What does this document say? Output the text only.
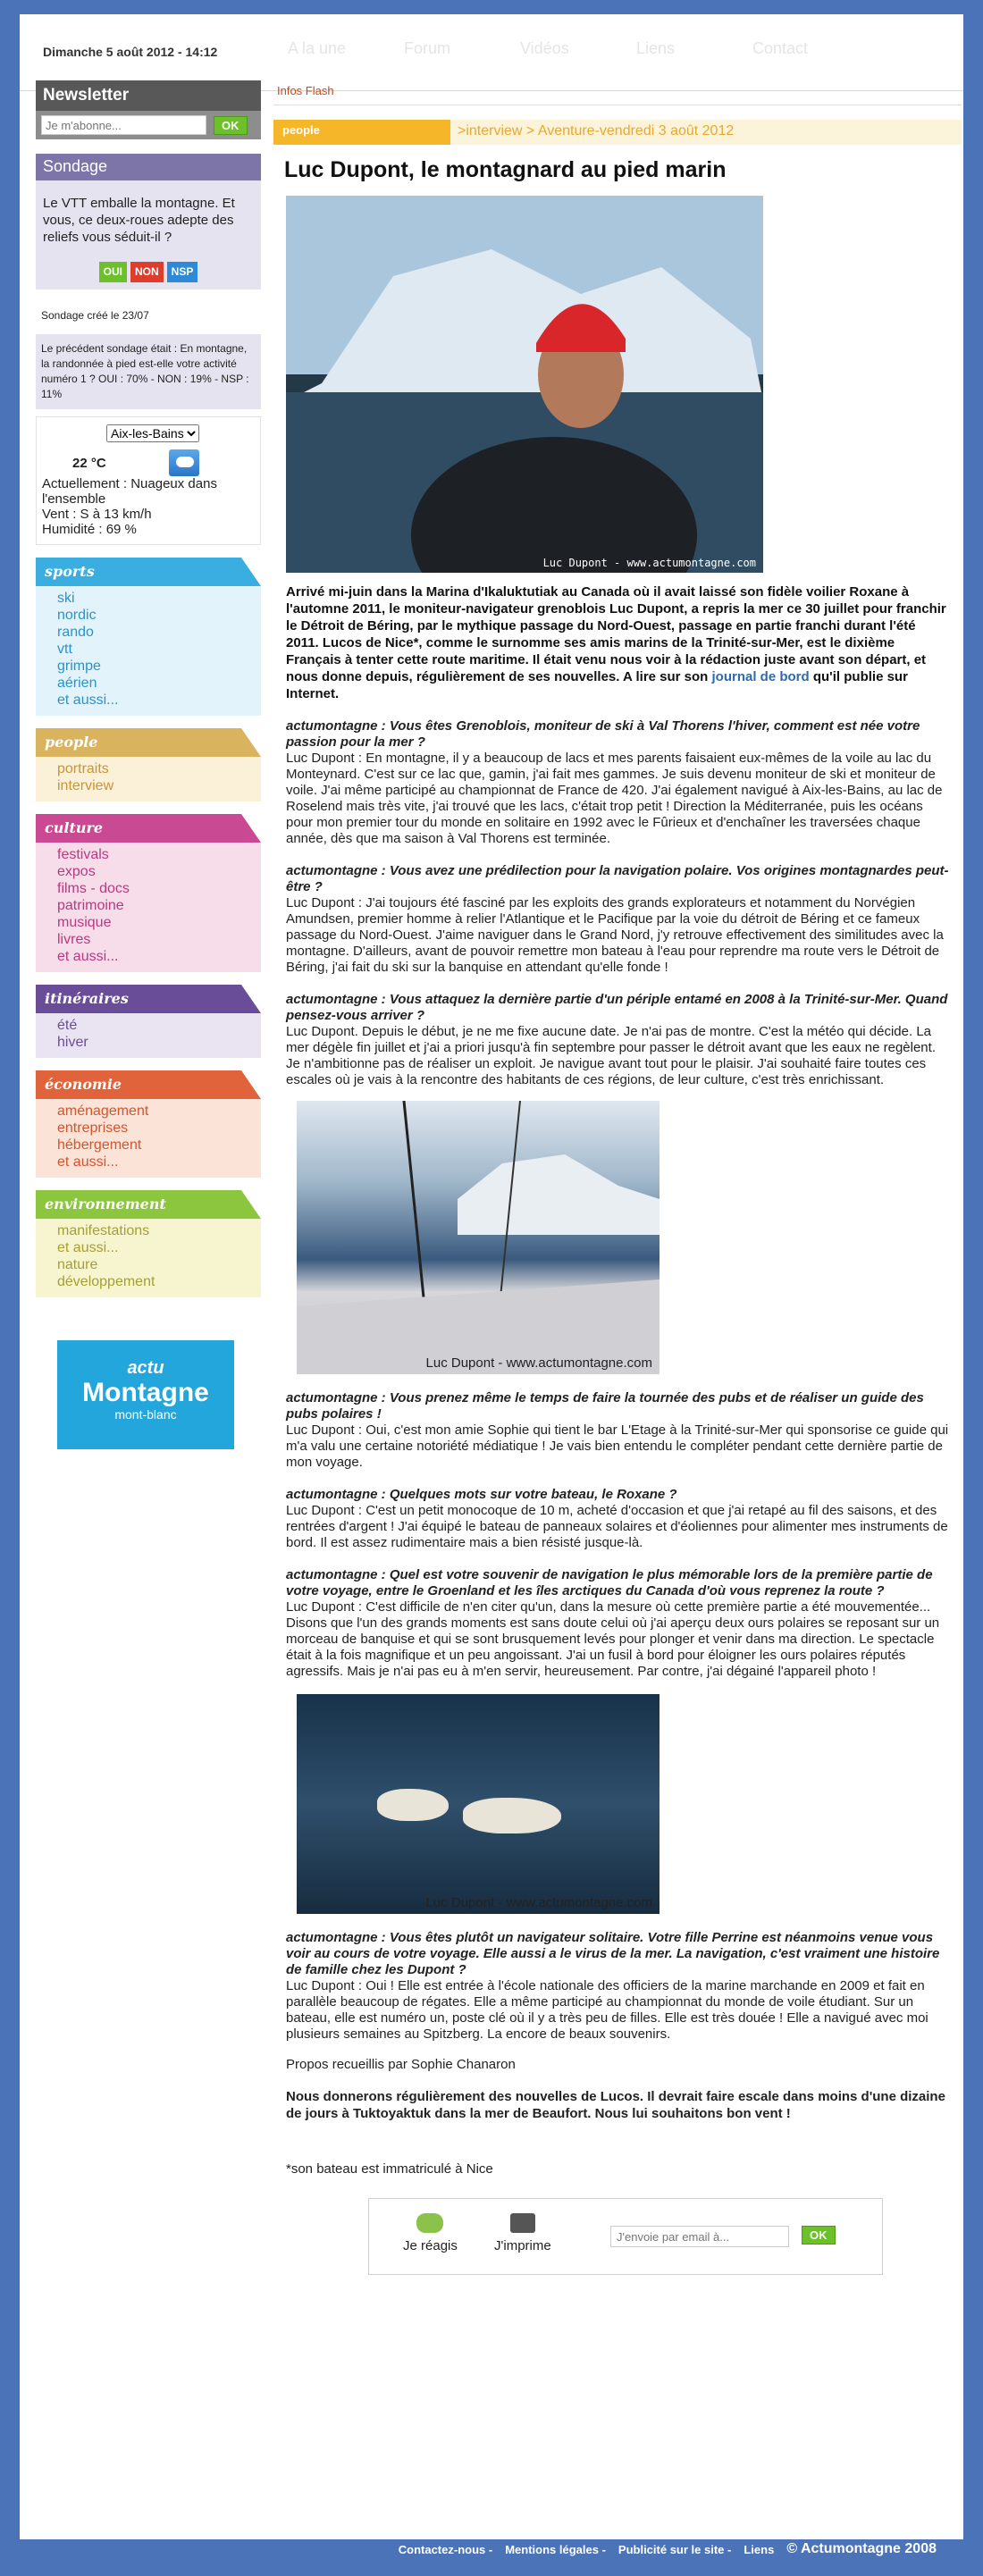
Dimanche 5 août 2012 - 14:12	A la une	Forum	Vidéos	Liens	Contact
Newsletter
Je m'abonne...
OK
Sondage
Le VTT emballe la montagne. Et vous, ce deux-roues adepte des reliefs vous séduit-il ?
OUI	NON	NSP
Sondage créé le 23/07
Le précédent sondage était : En montagne, la randonnée à pied est-elle votre activité numéro 1 ? OUI : 70% - NON : 19% - NSP : 11%
Aix-les-Bains
22 °C
Actuellement : Nuageux dans l'ensemble
Vent : S à 13 km/h
Humidité : 69 %
sports
ski
nordic
rando
vtt
grimpe
aérien
et aussi...
people
portraits
interview
culture
festivals
expos
films - docs
patrimoine
musique
livres
et aussi...
itinéraires
été
hiver
économie
aménagement
entreprises
hébergement
et aussi...
environnement
manifestations
et aussi...
nature
développement
actu
Montagne
mont-blanc
Infos Flash
people	>interview > Aventure-vendredi 3 août 2012
Luc Dupont, le montagnard au pied marin
Luc Dupont - www.actumontagne.com
Arrivé mi-juin dans la Marina d'Ikaluktutiak au Canada où il avait laissé son fidèle voilier Roxane à l'automne 2011, le moniteur-navigateur grenoblois Luc Dupont, a repris la mer ce 30 juillet pour franchir le Détroit de Béring, par le mythique passage du Nord-Ouest, passage en partie franchi durant l'été 2011. Lucos de Nice*, comme le surnomme ses amis marins de la Trinité-sur-Mer, est le dixième Français à tenter cette route maritime. Il était venu nous voir à la rédaction juste avant son départ, et nous donne depuis, régulièrement de ses nouvelles. A lire sur son journal de bord qu'il publie sur Internet.
actumontagne : Vous êtes Grenoblois, moniteur de ski à Val Thorens l'hiver, comment est née votre passion pour la mer ?
Luc Dupont : En montagne, il y a beaucoup de lacs et mes parents faisaient eux-mêmes de la voile au lac du Monteynard. C'est sur ce lac que, gamin, j'ai fait mes gammes. Je suis devenu moniteur de ski et moniteur de voile. J'ai même participé au championnat de France de 420. J'ai également navigué à Aix-les-Bains, au lac de Roselend mais très vite, j'ai trouvé que les lacs, c'était trop petit ! Direction la Méditerranée, puis les océans pour mon premier tour du monde en solitaire en 1992 avec le Fûrieux et d'enchaîner les traversées chaque année, dès que ma saison à Val Thorens est terminée.
actumontagne : Vous avez une prédilection pour la navigation polaire. Vos origines montagnardes peut-être ?
Luc Dupont : J'ai toujours été fasciné par les exploits des grands explorateurs et notamment du Norvégien Amundsen, premier homme à relier l'Atlantique et le Pacifique par la voie du détroit de Béring et ce fameux passage du Nord-Ouest. J'aime naviguer dans le Grand Nord, j'y retrouve effectivement des similitudes avec la montagne. D'ailleurs, avant de pouvoir remettre mon bateau à l'eau pour reprendre ma route vers le Détroit de Béring, j'ai fait du ski sur la banquise en attendant qu'elle fonde !
actumontagne : Vous attaquez la dernière partie d'un périple entamé en 2008 à la Trinité-sur-Mer. Quand pensez-vous arriver ?
Luc Dupont. Depuis le début, je ne me fixe aucune date. Je n'ai pas de montre. C'est la météo qui décide. La mer dégèle fin juillet et j'ai a priori jusqu'à fin septembre pour passer le détroit avant que les eaux ne regèlent. Je n'ambitionne pas de réaliser un exploit. Je navigue avant tout pour le plaisir. J'ai souhaité faire toutes ces escales où je vais à la rencontre des habitants de ces régions, de leur culture, c'est très enrichissant.
Luc Dupont - www.actumontagne.com
actumontagne : Vous prenez même le temps de faire la tournée des pubs et de réaliser un guide des pubs polaires !
Luc Dupont : Oui, c'est mon amie Sophie qui tient le bar L'Etage à la Trinité-sur-Mer qui sponsorise ce guide qui m'a valu une certaine notoriété médiatique ! Je vais bien entendu le compléter pendant cette dernière partie de mon voyage.
actumontagne : Quelques mots sur votre bateau, le Roxane ?
Luc Dupont : C'est un petit monocoque de 10 m, acheté d'occasion et que j'ai retapé au fil des saisons, et des rentrées d'argent ! J'ai équipé le bateau de panneaux solaires et d'éoliennes pour alimenter mes instruments de bord. Il est assez rudimentaire mais a bien résisté jusque-là.
actumontagne : Quel est votre souvenir de navigation le plus mémorable lors de la première partie de votre voyage, entre le Groenland et les îles arctiques du Canada d'où vous reprenez la route ?
Luc Dupont : C'est difficile de n'en citer qu'un, dans la mesure où cette première partie a été mouvementée... Disons que l'un des grands moments est sans doute celui où j'ai aperçu deux ours polaires se reposant sur un morceau de banquise et qui se sont brusquement levés pour plonger et venir dans ma direction. Le spectacle était à la fois magnifique et un peu angoissant. J'ai un fusil à bord pour éloigner les ours polaires réputés agressifs. Mais je n'ai pas eu à m'en servir, heureusement. Par contre, j'ai dégainé l'appareil photo !
Luc Dupont - www.actumontagne.com
actumontagne : Vous êtes plutôt un navigateur solitaire. Votre fille Perrine est néanmoins venue vous voir au cours de votre voyage. Elle aussi a le virus de la mer. La navigation, c'est vraiment une histoire de famille chez les Dupont ?
Luc Dupont : Oui ! Elle est entrée à l'école nationale des officiers de la marine marchande en 2009 et fait en parallèle beaucoup de régates. Elle a même participé au championnat du monde de voile étudiant. Sur un bateau, elle est numéro un, poste clé où il y a très peu de filles. Elle est très douée ! Elle a navigué avec moi plusieurs semaines au Spitzberg. La encore de beaux souvenirs.
Propos recueillis par Sophie Chanaron
Nous donnerons régulièrement des nouvelles de Lucos. Il devrait faire escale dans moins d'une dizaine de jours à Tuktoyaktuk dans la mer de Beaufort. Nous lui souhaitons bon vent !
*son bateau est immatriculé à Nice
Je réagis	J'imprime
J'envoie par email à...
OK
Contactez-nous - Mentions légales - Publicité sur le site - Liens © Actumontagne 2008
